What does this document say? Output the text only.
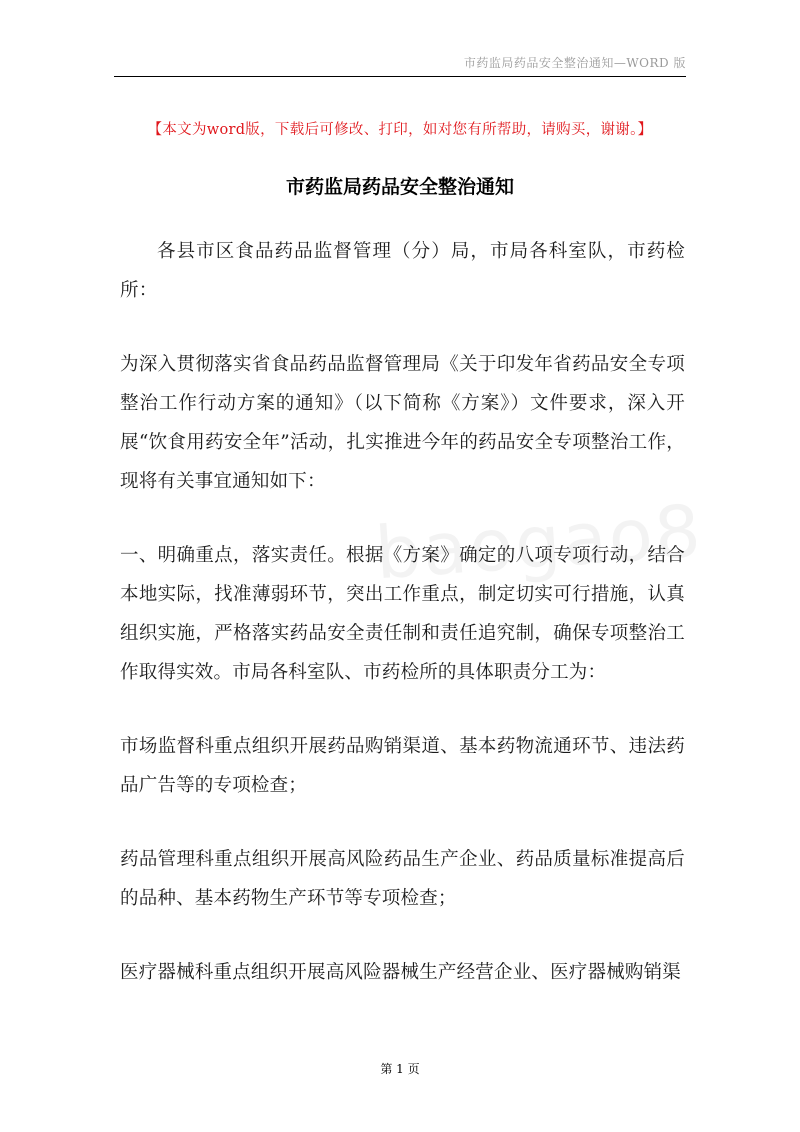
市药监局药品安全整治通知—WORD 版
【本文为word版，下载后可修改、打印，如对您有所帮助，请购买，谢谢。】
市药监局药品安全整治通知

各县市区食品药品监督管理（分）局，市局各科室队，市药检所：

为深入贯彻落实省食品药品监督管理局《关于印发年省药品安全专项整治工作行动方案的通知》（以下简称《方案》）文件要求，深入开展“饮食用药安全年”活动，扎实推进今年的药品安全专项整治工作，现将有关事宜通知如下：

一、明确重点，落实责任。根据《方案》确定的八项专项行动，结合本地实际，找准薄弱环节，突出工作重点，制定切实可行措施，认真组织实施，严格落实药品安全责任制和责任追究制，确保专项整治工作取得实效。市局各科室队、市药检所的具体职责分工为：

市场监督科重点组织开展药品购销渠道、基本药物流通环节、违法药品广告等的专项检查；

药品管理科重点组织开展高风险药品生产企业、药品质量标准提高后的品种、基本药物生产环节等专项检查；

医疗器械科重点组织开展高风险器械生产经营企业、医疗器械购销渠

第 1 页
